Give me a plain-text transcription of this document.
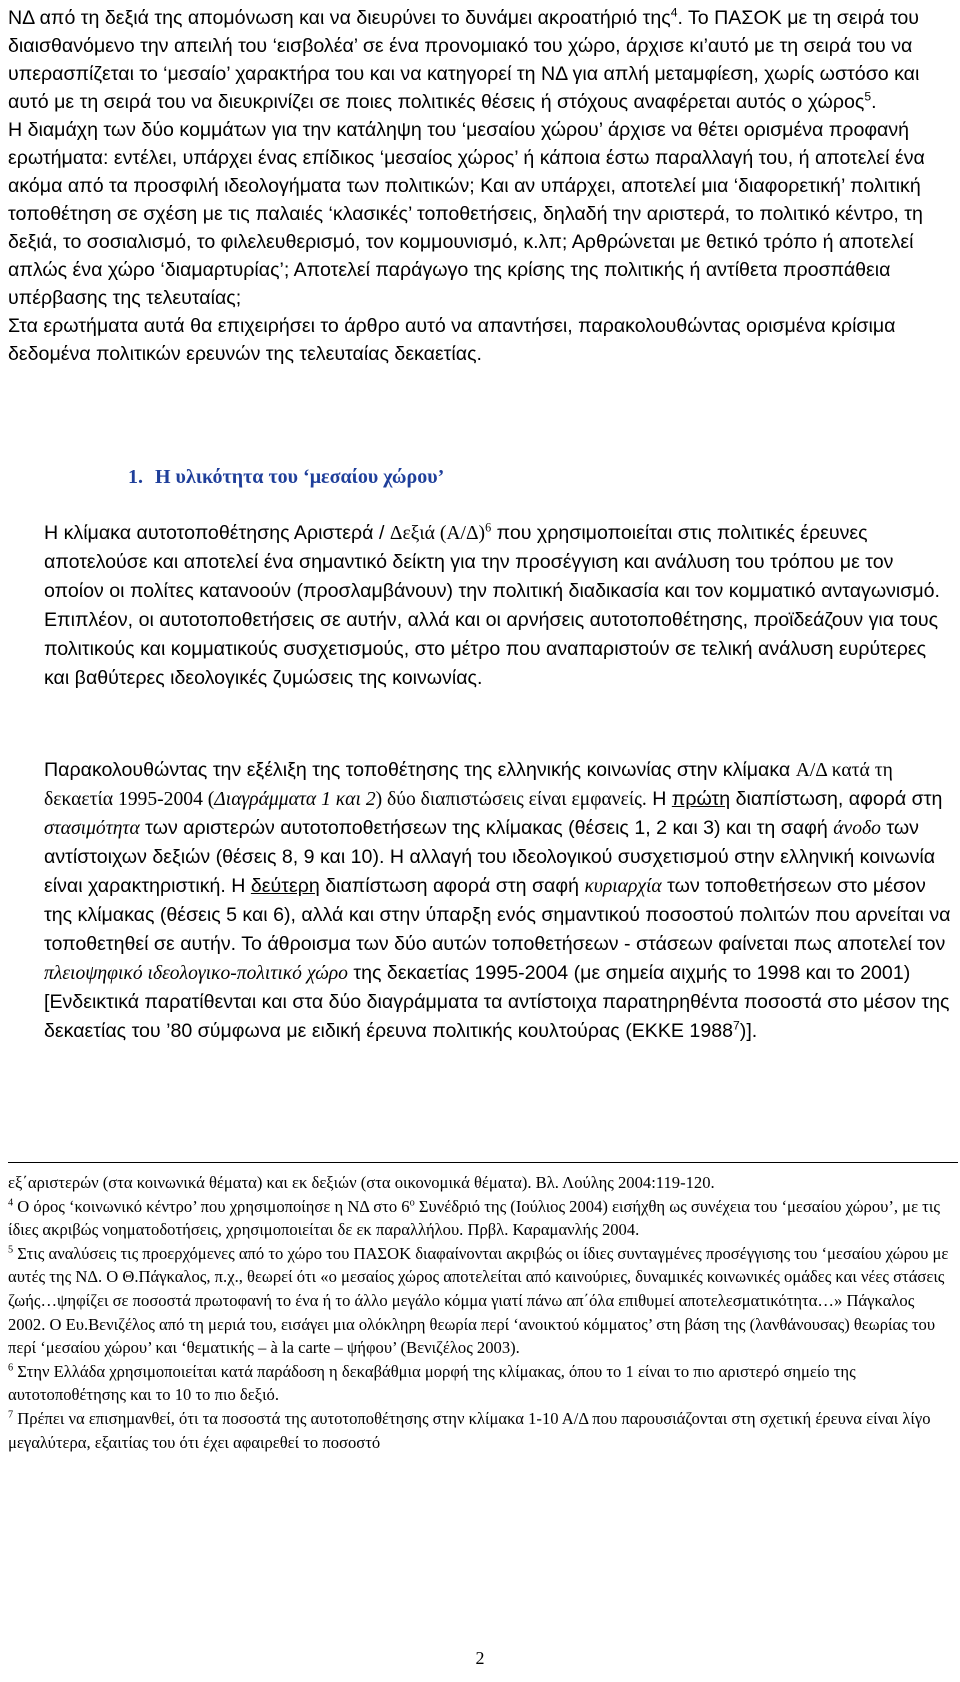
ΝΔ από τη δεξιά της απομόνωση και να διευρύνει το δυνάμει ακροατήριό της$^4$. Το ΠΑΣΟΚ με τη σειρά του διαισθανόμενο την απειλή του ‘εισβολέα’ σε ένα προνομιακό του χώρο, άρχισε κι’αυτό με τη σειρά του να υπερασπίζεται το ‘μεσαίο’ χαρακτήρα του και να κατηγορεί τη ΝΔ για απλή μεταμφίεση, χωρίς ωστόσο και αυτό με τη σειρά του να διευκρινίζει σε ποιες πολιτικές θέσεις ή στόχους αναφέρεται αυτός ο χώρος$^5$.

Η διαμάχη των δύο κομμάτων για την κατάληψη του ‘μεσαίου χώρου’ άρχισε να θέτει ορισμένα προφανή ερωτήματα: εντέλει, υπάρχει ένας επίδικος ‘μεσαίος χώρος’ ή κάποια έστω παραλλαγή του, ή αποτελεί ένα ακόμα από τα προσφιλή ιδεολογήματα των πολιτικών; Και αν υπάρχει, αποτελεί μια ‘διαφορετική’ πολιτική τοποθέτηση σε σχέση με τις παλαιές ‘κλασικές’ τοποθετήσεις, δηλαδή την αριστερά, το πολιτικό κέντρο, τη δεξιά, το σοσιαλισμό, το φιλελευθερισμό, τον κομμουνισμό, κ.λπ; Αρθρώνεται με θετικό τρόπο ή αποτελεί απλώς ένα χώρο ‘διαμαρτυρίας’; Αποτελεί παράγωγο της κρίσης της πολιτικής ή αντίθετα προσπάθεια υπέρβασης της τελευταίας;

Στα ερωτήματα αυτά θα επιχειρήσει το άρθρο αυτό να απαντήσει, παρακολουθώντας ορισμένα κρίσιμα δεδομένα πολιτικών ερευνών της τελευταίας δεκαετίας.

1. Η υλικότητα του ‘μεσαίου χώρου’

Η κλίμακα αυτοτοποθέτησης Αριστερά / Δεξιά $(A/\Delta)^6$ που χρησιμοποιείται στις πολιτικές έρευνες αποτελούσε και αποτελεί ένα σημαντικό δείκτη για την προσέγγιση και ανάλυση του τρόπου με τον οποίον οι πολίτες κατανοούν (προσλαμβάνουν) την πολιτική διαδικασία και τον κομματικό ανταγωνισμό. Επιπλέον, οι αυτοτοποθετήσεις σε αυτήν, αλλά και οι αρνήσεις αυτοτοποθέτησης, προϊδεάζουν για τους πολιτικούς και κομματικούς συσχετισμούς, στο μέτρο που αναπαριστούν σε τελική ανάλυση ευρύτερες και βαθύτερες ιδεολογικές ζυμώσεις της κοινωνίας.

Παρακολουθώντας την εξέλιξη της τοποθέτησης της ελληνικής κοινωνίας στην κλίμακα Α/Δ κατά τη δεκαετία 1995-2004 (Διαγράμματα 1 και 2) δύο διαπιστώσεις είναι εμφανείς. Η πρώτη διαπίστωση, αφορά στη στασιμότητα των αριστερών αυτοτοποθετήσεων της κλίμακας (θέσεις 1, 2 και 3) και τη σαφή άνοδο των αντίστοιχων δεξιών (θέσεις 8, 9 και 10). Η αλλαγή του ιδεολογικού συσχετισμού στην ελληνική κοινωνία είναι χαρακτηριστική. Η δεύτερη διαπίστωση αφορά στη σαφή κυριαρχία των τοποθετήσεων στο μέσον της κλίμακας (θέσεις 5 και 6), αλλά και στην ύπαρξη ενός σημαντικού ποσοστού πολιτών που αρνείται να τοποθετηθεί σε αυτήν. Το άθροισμα των δύο αυτών τοποθετήσεων - στάσεων φαίνεται πως αποτελεί τον πλειοψηφικό ιδεολογικο-πολιτικό χώρο της δεκαετίας 1995-2004 (με σημεία αιχμής το 1998 και το 2001) [Ενδεικτικά παρατίθενται και στα δύο διαγράμματα τα αντίστοιχα παρατηρηθέντα ποσοστά στο μέσον της δεκαετίας του ’80 σύμφωνα με ειδική έρευνα πολιτικής κουλτούρας (ΕΚΚΕ 1988$^7$)].

εξ΄αριστερών (στα κοινωνικά θέματα) και εκ δεξιών (στα οικονομικά θέματα). Βλ. Λούλης 2004:119-120.

$^4$ Ο όρος ‘κοινωνικό κέντρο’ που χρησιμοποίησε η ΝΔ στο $6^o$ Συνέδριό της (Ιούλιος 2004) εισήχθη ως συνέχεια του ‘μεσαίου χώρου’, με τις ίδιες ακριβώς νοηματοδοτήσεις, χρησιμοποιείται δε εκ παραλλήλου. Πρβλ. Καραμανλής 2004.

$^5$ Στις αναλύσεις τις προερχόμενες από το χώρο του ΠΑΣΟΚ διαφαίνονται ακριβώς οι ίδιες συνταγμένες προσέγγισης του ‘μεσαίου χώρου με αυτές της ΝΔ. Ο Θ.Πάγκαλος, π.χ., θεωρεί ότι «ο μεσαίος χώρος αποτελείται από καινούριες, δυναμικές κοινωνικές ομάδες και νέες στάσεις ζωής…ψηφίζει σε ποσοστά πρωτοφανή το ένα ή το άλλο μεγάλο κόμμα γιατί πάνω απ΄όλα επιθυμεί αποτελεσματικότητα…» Πάγκαλος 2002. Ο Ευ.Βενιζέλος από τη μεριά του, εισάγει μια ολόκληρη θεωρία περί ‘ανοικτού κόμματος’ στη βάση της (λανθάνουσας) θεωρίας του περί ‘μεσαίου χώρου’ και ‘θεματικής – à la carte – ψήφου’ (Βενιζέλος 2003).

$^6$ Στην Ελλάδα χρησιμοποιείται κατά παράδοση η δεκαβάθμια μορφή της κλίμακας, όπου το 1 είναι το πιο αριστερό σημείο της αυτοτοποθέτησης και το 10 το πιο δεξιό.

$^7$ Πρέπει να επισημανθεί, ότι τα ποσοστά της αυτοτοποθέτησης στην κλίμακα 1-10 Α/Δ που παρουσιάζονται στη σχετική έρευνα είναι λίγο μεγαλύτερα, εξαιτίας του ότι έχει αφαιρεθεί το ποσοστό

2
